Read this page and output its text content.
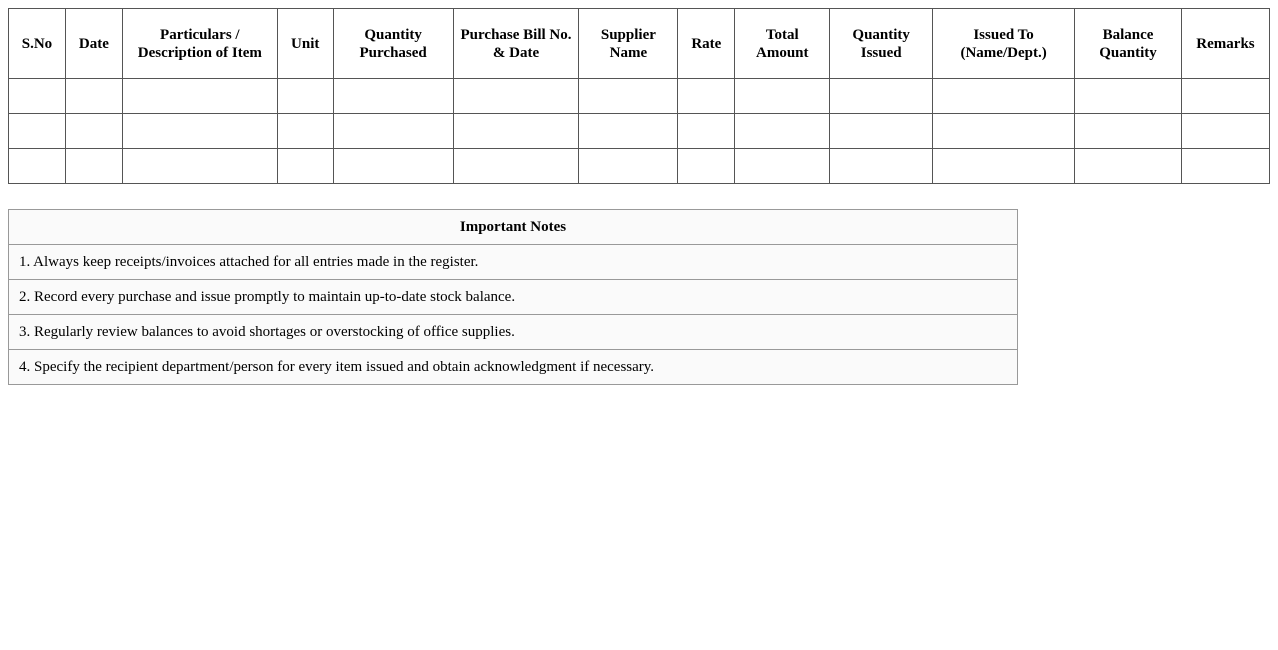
S.No	Date	Particulars / Description of Item	Unit	Quantity Purchased	Purchase Bill No. & Date	Supplier Name	Rate	Total Amount	Quantity Issued	Issued To (Name/Dept.)	Balance Quantity	Remarks

Important Notes
1. Always keep receipts/invoices attached for all entries made in the register.
2. Record every purchase and issue promptly to maintain up-to-date stock balance.
3. Regularly review balances to avoid shortages or overstocking of office supplies.
4. Specify the recipient department/person for every item issued and obtain acknowledgment if necessary.
